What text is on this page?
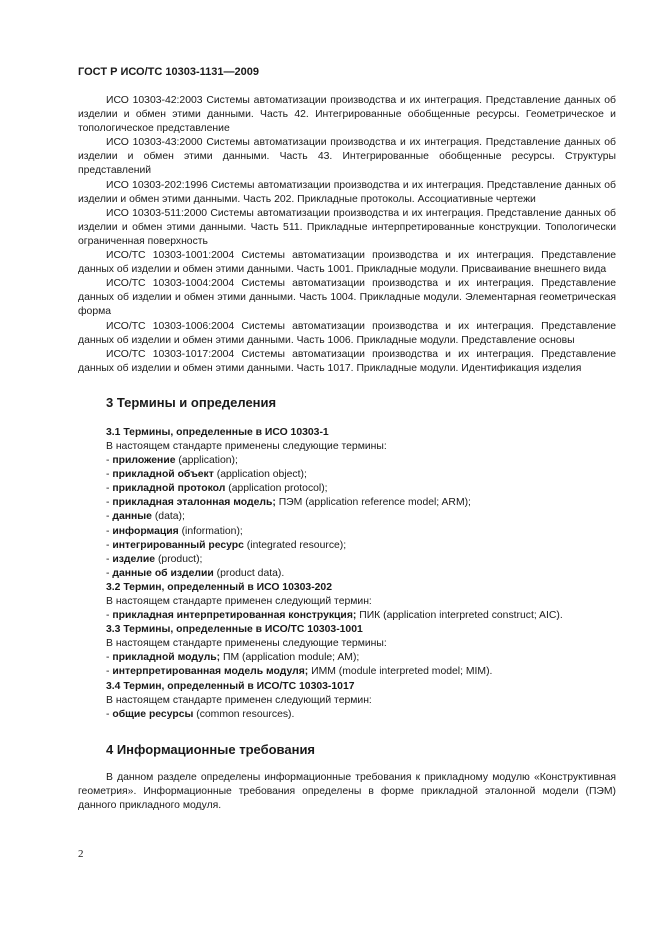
ГОСТ Р ИСО/ТС 10303-1131—2009

ИСО 10303-42:2003 Системы автоматизации производства и их интеграция. Представление данных об изделии и обмен этими данными. Часть 42. Интегрированные обобщенные ресурсы. Геометрическое и топологическое представление

ИСО 10303-43:2000 Системы автоматизации производства и их интеграция. Представление данных об изделии и обмен этими данными. Часть 43. Интегрированные обобщенные ресурсы. Структуры представлений

ИСО 10303-202:1996 Системы автоматизации производства и их интеграция. Представление данных об изделии и обмен этими данными. Часть 202. Прикладные протоколы. Ассоциативные чертежи

ИСО 10303-511:2000 Системы автоматизации производства и их интеграция. Представление данных об изделии и обмен этими данными. Часть 511. Прикладные интерпретированные конструкции. Топологически ограниченная поверхность

ИСО/ТС 10303-1001:2004 Системы автоматизации производства и их интеграция. Представление данных об изделии и обмен этими данными. Часть 1001. Прикладные модули. Присваивание внешнего вида

ИСО/ТС 10303-1004:2004 Системы автоматизации производства и их интеграция. Представление данных об изделии и обмен этими данными. Часть 1004. Прикладные модули. Элементарная геометрическая форма

ИСО/ТС 10303-1006:2004 Системы автоматизации производства и их интеграция. Представление данных об изделии и обмен этими данными. Часть 1006. Прикладные модули. Представление основы

ИСО/ТС 10303-1017:2004 Системы автоматизации производства и их интеграция. Представление данных об изделии и обмен этими данными. Часть 1017. Прикладные модули. Идентификация изделия

3 Термины и определения

3.1 Термины, определенные в ИСО 10303-1

В настоящем стандарте применены следующие термины:

- приложение (application);
- прикладной объект (application object);
- прикладной протокол (application protocol);
- прикладная эталонная модель; ПЭМ (application reference model; ARM);
- данные (data);
- информация (information);
- интегрированный ресурс (integrated resource);
- изделие (product);
- данные об изделии (product data).

3.2 Термин, определенный в ИСО 10303-202

В настоящем стандарте применен следующий термин:

- прикладная интерпретированная конструкция; ПИК (application interpreted construct; AIC).

3.3 Термины, определенные в ИСО/ТС 10303-1001

В настоящем стандарте применены следующие термины:

- прикладной модуль; ПМ (application module; AM);
- интерпретированная модель модуля; ИММ (module interpreted model; MIM).

3.4 Термин, определенный в ИСО/ТС 10303-1017

В настоящем стандарте применен следующий термин:

- общие ресурсы (common resources).
4 Информационные требования

В данном разделе определены информационные требования к прикладному модулю «Конструктивная геометрия». Информационные требования определены в форме прикладной эталонной модели (ПЭМ) данного прикладного модуля.

2
